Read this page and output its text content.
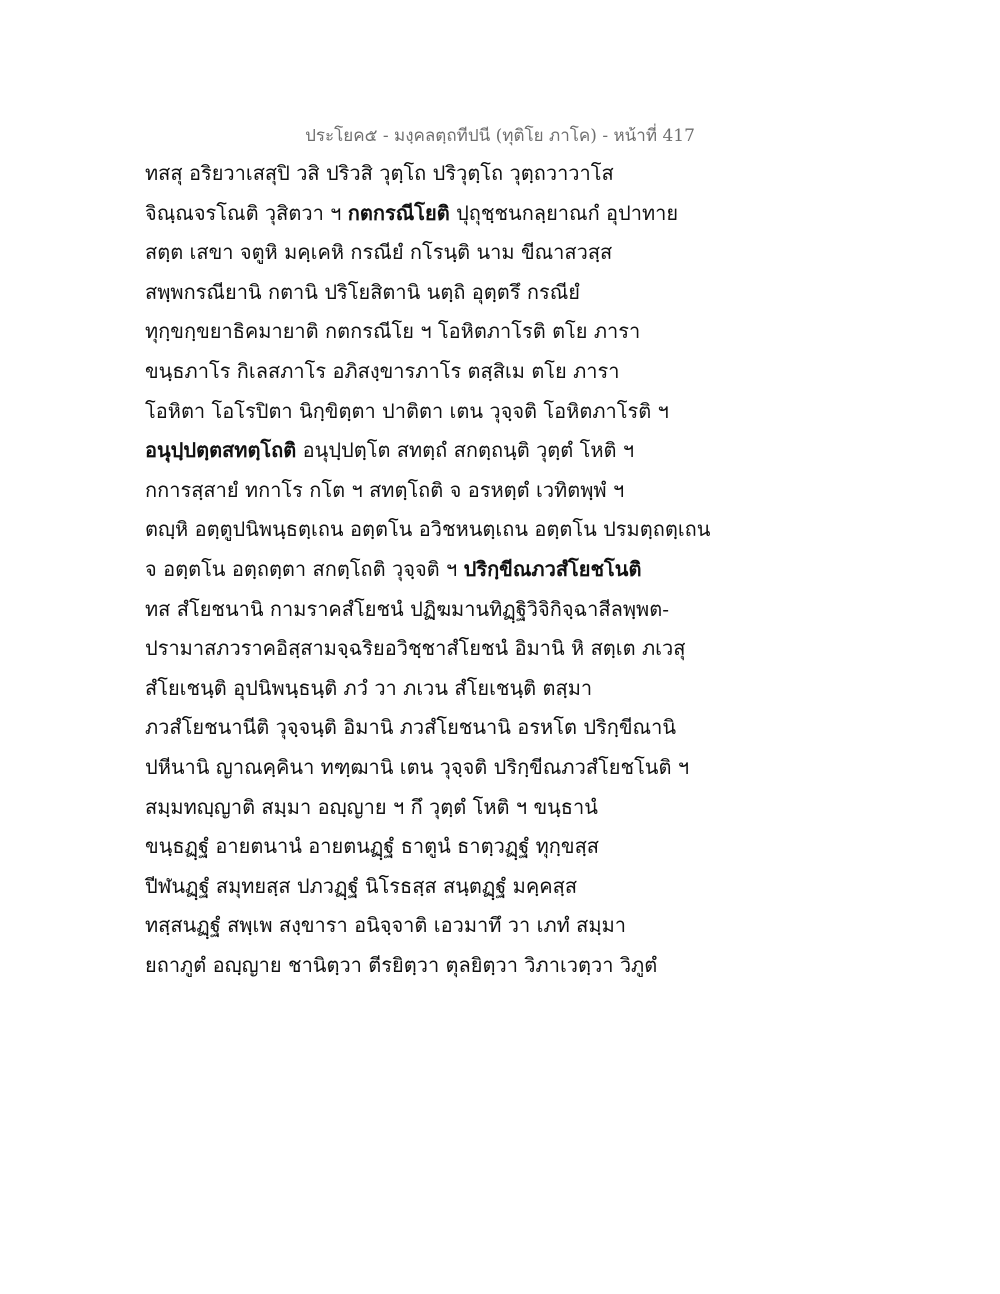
ประโยค๕ - มงฺคลตฺถทีปนี (ทุติโย ภาโค) - หน้าที่ 417
ทสสุ อริยวาเสสุปิ วสิ ปริวสิ วุตฺโถ ปริวุตฺโถ วุตฺถวาวาโส
จิณฺณจรโณติ วุสิตวา ฯ กตกรณีโยติ ปุถุชฺชนกลฺยาณกํ อุปาทาย
สตฺต เสขา จตูหิ มคฺเคหิ กรณียํ กโรนฺติ นาม ขีณาสวสฺส
สพฺพกรณียานิ กตานิ ปริโยสิตานิ นตฺถิ อุตฺตรึ กรณียํ
ทุกฺขกฺขยาธิคมายาติ กตกรณีโย ฯ โอหิตภาโรติ ตโย ภารา
ขนฺธภาโร กิเลสภาโร อภิสงฺขารภาโร ตสฺสิเม ตโย ภารา
โอหิตา โอโรปิตา นิกฺขิตฺตา ปาติตา เตน วุจฺจติ โอหิตภาโรติ ฯ
อนุปฺปตฺตสทตฺโถติ อนุปฺปตฺโต สทตฺถํ สกตฺถนฺติ วุตฺตํ โหติ ฯ
กการสฺสายํ ทกาโร กโต ฯ สทตฺโถติ จ อรหตฺตํ เวทิตพฺพํ ฯ
ตญฺหิ อตฺตูปนิพนฺธตฺเถน อตฺตโน อวิชหนตฺเถน อตฺตโน ปรมตฺถตฺเถน
จ อตฺตโน อตฺถตฺตา สกตฺโถติ วุจฺจติ ฯ ปริกฺขีณภวสํโยชโนติ
ทส สํโยชนานิ กามราคสํโยชนํ ปฏิฆมานทิฏฺฐิวิจิกิจฺฉาสีลพฺพต-
ปรามาสภวราคอิสฺสามจฺฉริยอวิชฺชาสํโยชนํ อิมานิ หิ สตฺเต ภเวสุ
สํโยเชนฺติ อุปนิพนฺธนฺติ ภวํ วา ภเวน สํโยเชนฺติ ตสฺมา
ภวสํโยชนานีติ วุจฺจนฺติ อิมานิ ภวสํโยชนานิ อรหโต ปริกฺขีณานิ
ปหีนานิ ญาณคฺคินา ทฑฺฒานิ เตน วุจฺจติ ปริกฺขีณภวสํโยชโนติ ฯ
สมฺมทญฺญาติ สมฺมา อญฺญาย ฯ กึ วุตฺตํ โหติ ฯ ขนฺธานํ
ขนฺธฏฺฐํ อายตนานํ อายตนฏฺฐํ ธาตูนํ ธาตฺวฏฺฐํ ทุกฺขสฺส
ปีฬนฏฺฐํ สมุทยสฺส ปภวฏฺฐํ นิโรธสฺส สนฺตฏฺฐํ มคฺคสฺส
ทสฺสนฏฺฐํ สพฺเพ สงฺขารา อนิจฺจาติ เอวมาทึ วา เภทํ สมฺมา
ยถาภูตํ อญฺญาย ชานิตฺวา ตีรยิตฺวา ตุลยิตฺวา วิภาเวตฺวา วิภูตํ
